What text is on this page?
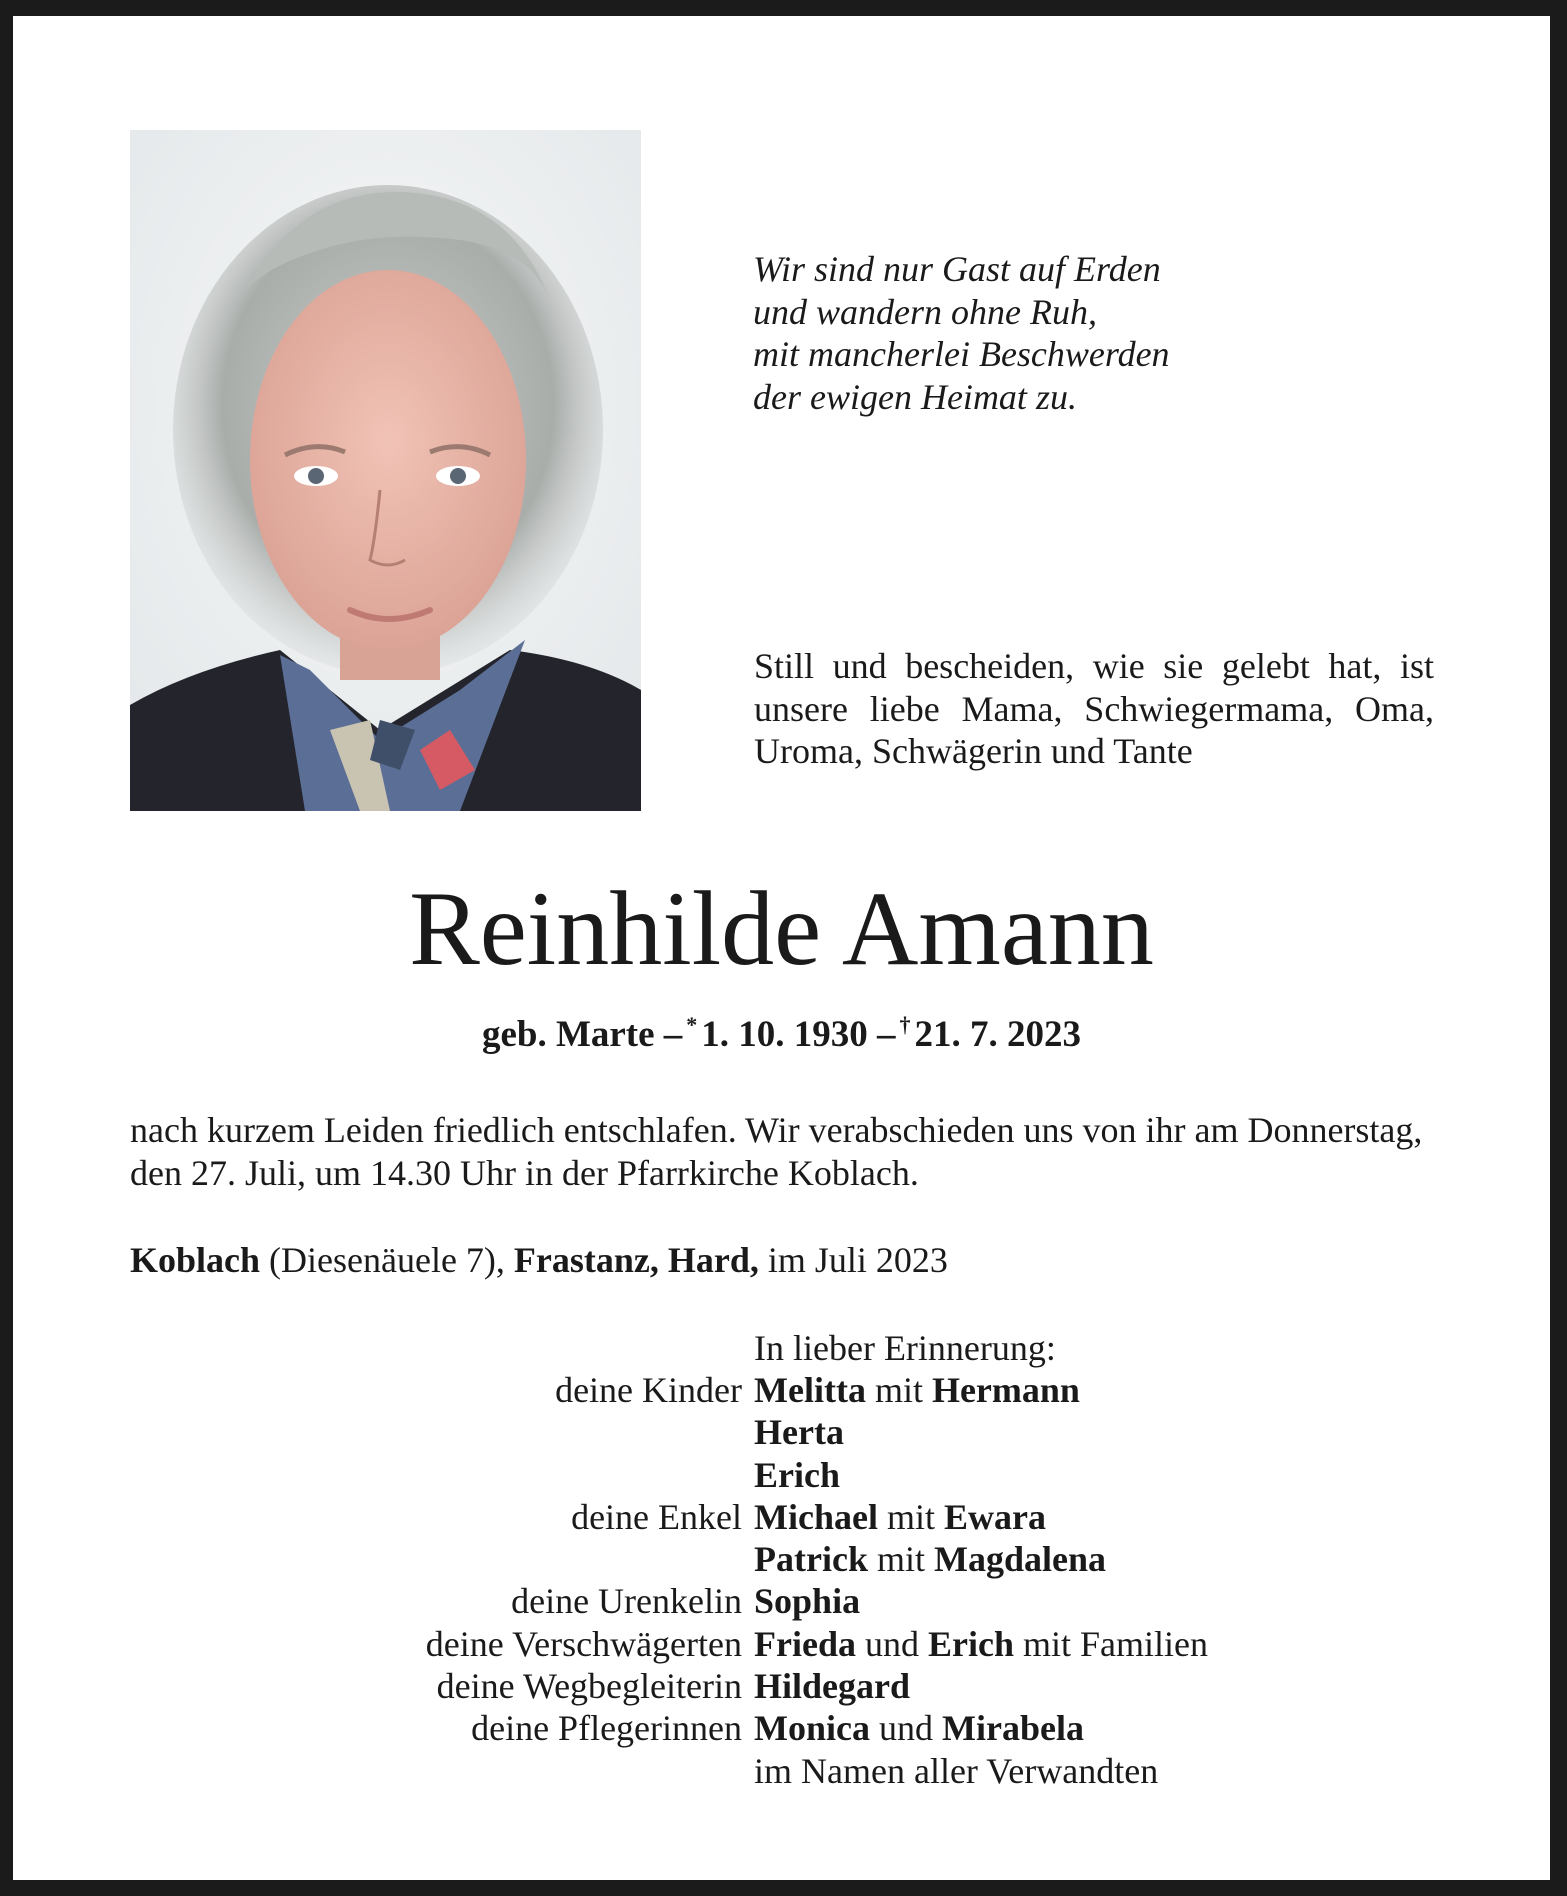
Wir sind nur Gast auf Erden
und wandern ohne Ruh,
mit mancherlei Beschwerden
der ewigen Heimat zu.
Still und bescheiden, wie sie gelebt hat, ist unsere liebe Mama, Schwiegermama, Oma, Uroma, Schwägerin und Tante
Reinhilde Amann
geb. Marte – * 1. 10. 1930 – † 21. 7. 2023
nach kurzem Leiden friedlich entschlafen. Wir verabschieden uns von ihr am Donnerstag, den 27. Juli, um 14.30 Uhr in der Pfarrkirche Koblach.
Koblach (Diesenäuele 7), Frastanz, Hard, im Juli 2023
In lieber Erinnerung:
deine Kinder Melitta mit Hermann
Herta
Erich
deine Enkel Michael mit Ewara
Patrick mit Magdalena
deine Urenkelin Sophia
deine Verschwägerten Frieda und Erich mit Familien
deine Wegbegleiterin Hildegard
deine Pflegerinnen Monica und Mirabela
im Namen aller Verwandten
